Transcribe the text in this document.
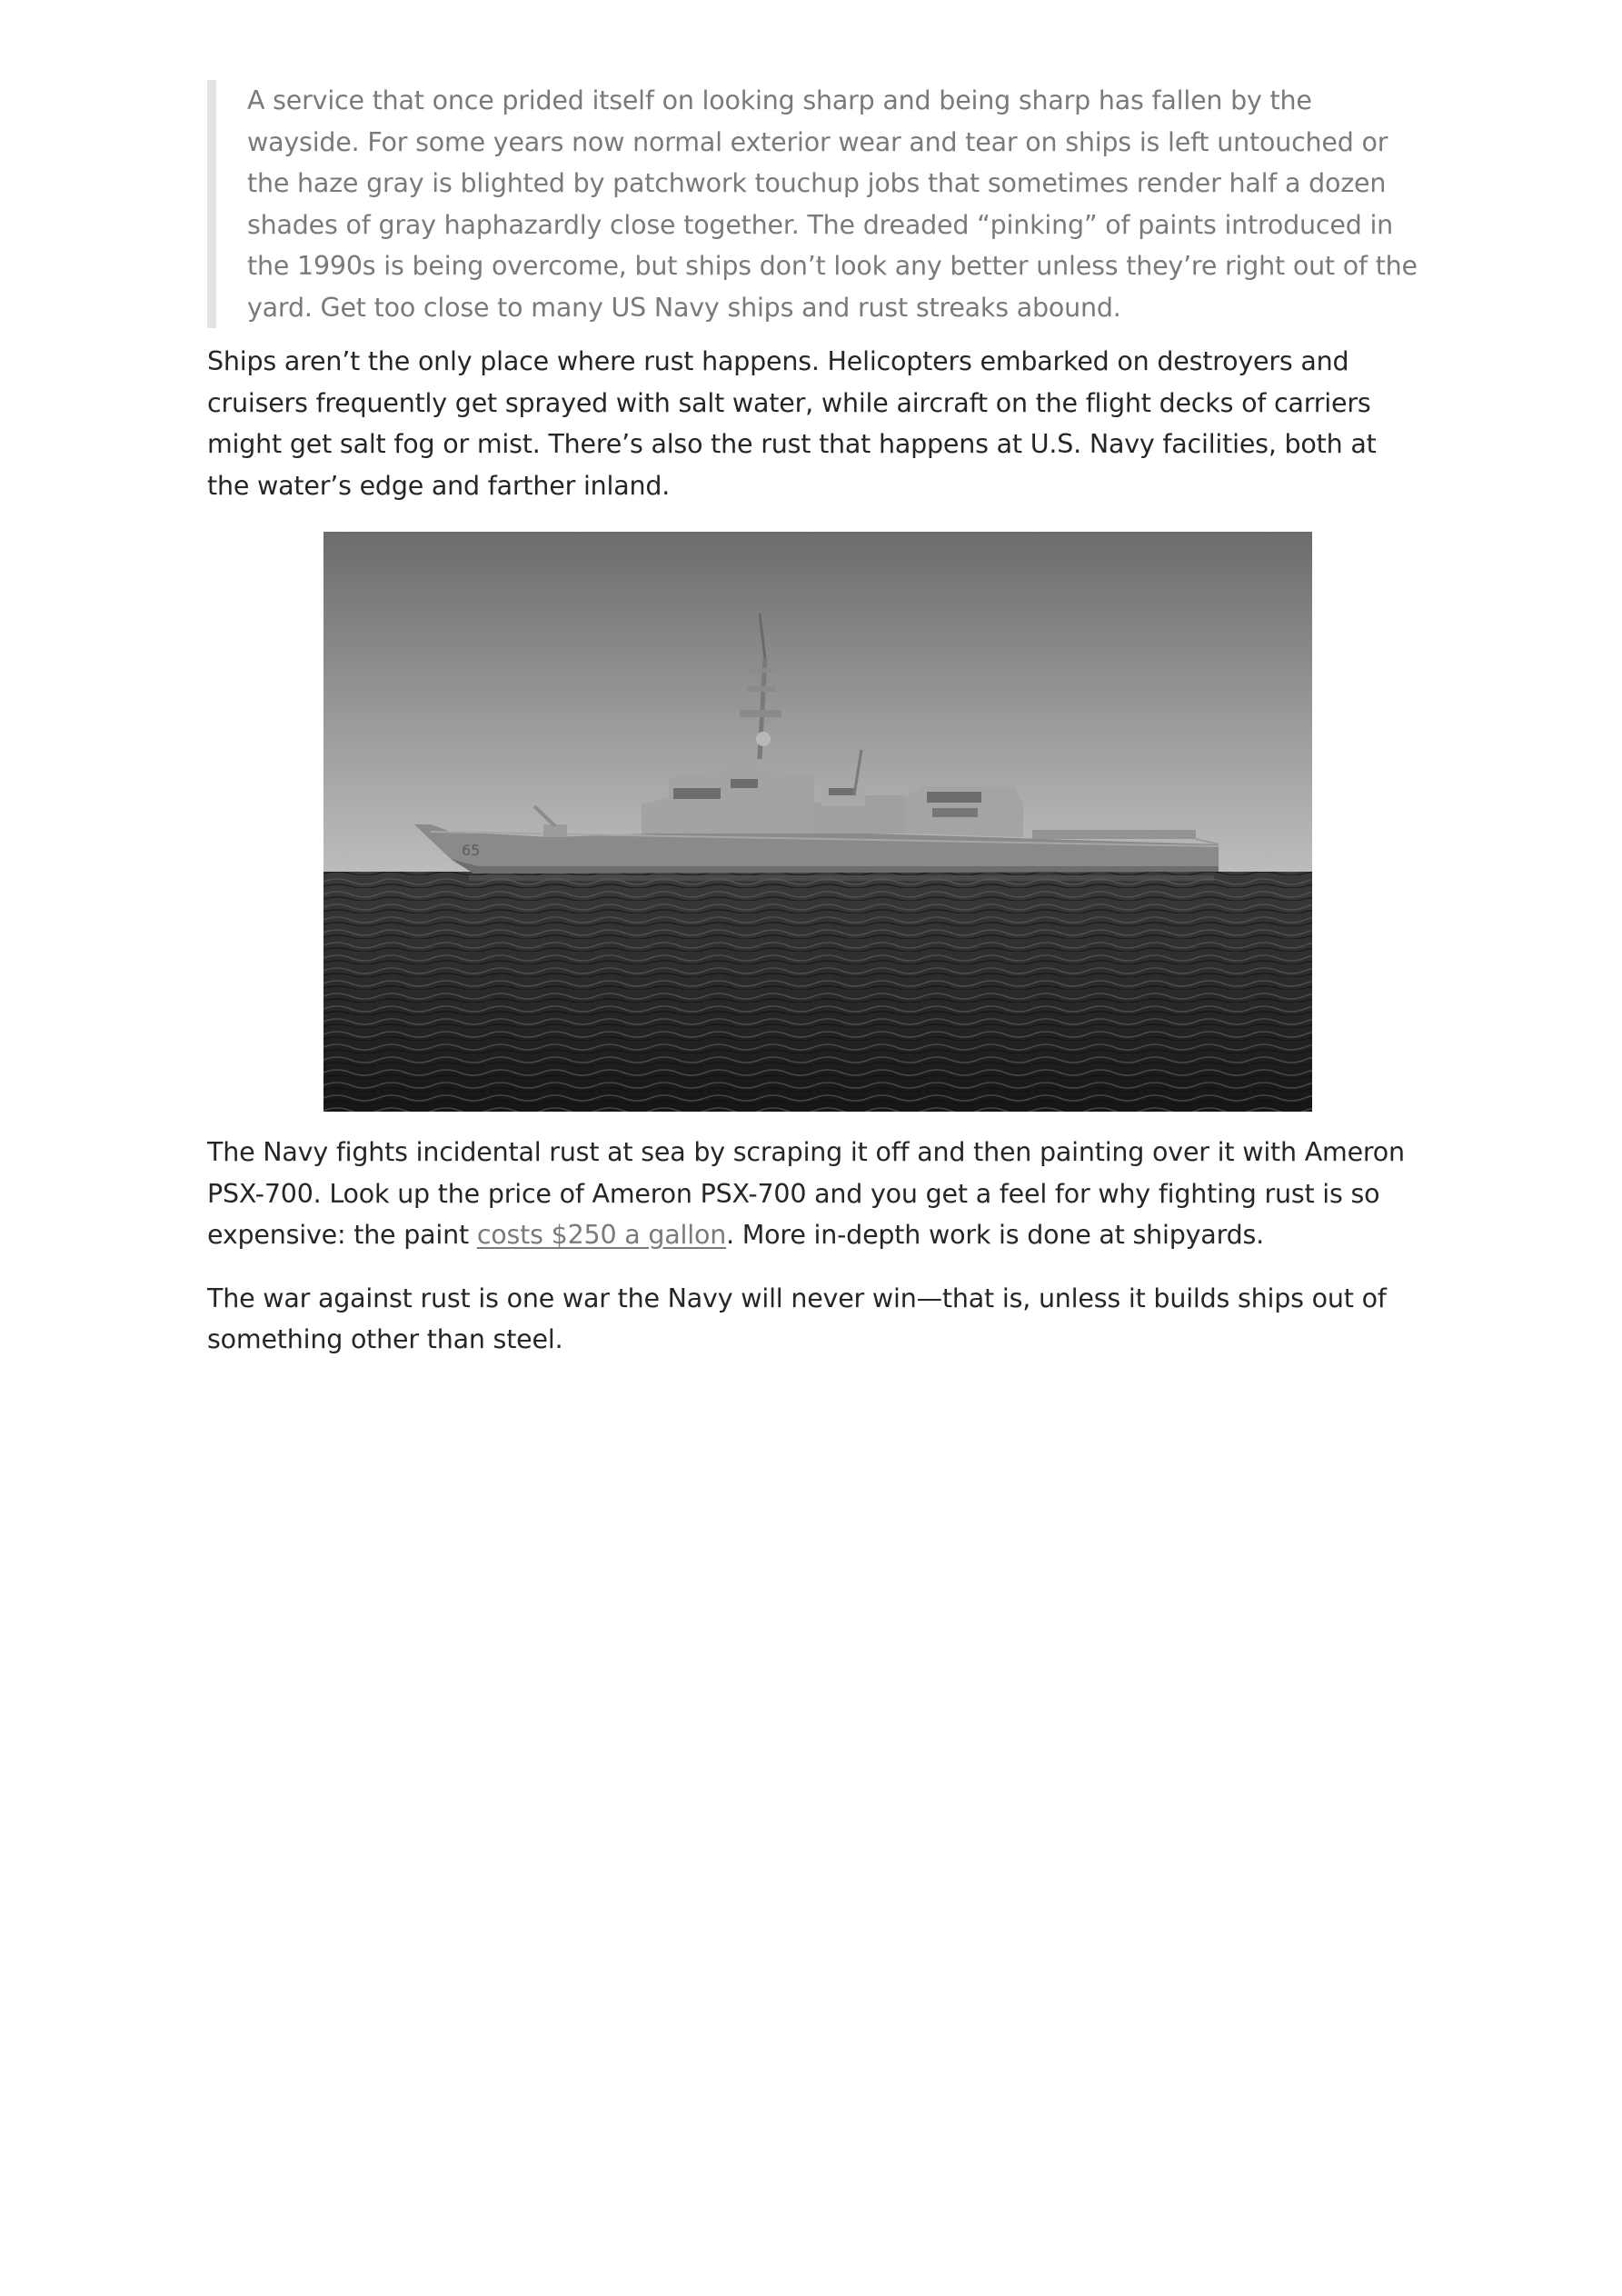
A service that once prided itself on looking sharp and being sharp has fallen by the wayside. For some years now normal exterior wear and tear on ships is left untouched or the haze gray is blighted by patchwork touchup jobs that sometimes render half a dozen shades of gray haphazardly close together. The dreaded “pinking” of paints introduced in the 1990s is being overcome, but ships don’t look any better unless they’re right out of the yard. Get too close to many US Navy ships and rust streaks abound.

Ships aren’t the only place where rust happens. Helicopters embarked on destroyers and cruisers frequently get sprayed with salt water, while aircraft on the flight decks of carriers might get salt fog or mist. There’s also the rust that happens at U.S. Navy facilities, both at the water’s edge and farther inland.

65

The Navy fights incidental rust at sea by scraping it off and then painting over it with Ameron PSX-700. Look up the price of Ameron PSX-700 and you get a feel for why fighting rust is so expensive: the paint costs $250 a gallon. More in-depth work is done at shipyards.

The war against rust is one war the Navy will never win—that is, unless it builds ships out of something other than steel.
